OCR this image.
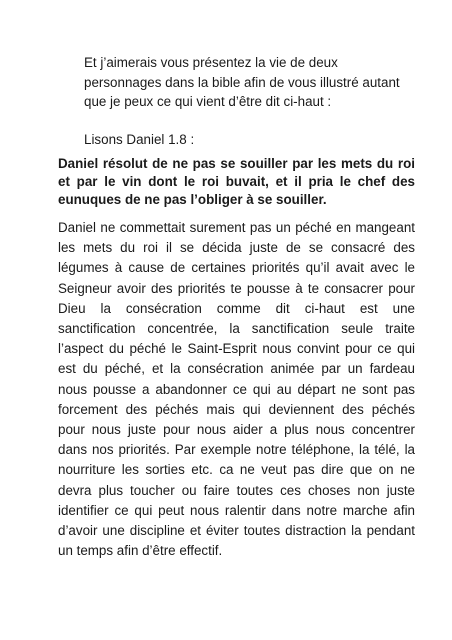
Et j’aimerais vous présentez la vie de deux personnages dans la bible afin de vous illustré autant que je peux ce qui vient d’être dit ci-haut :

Lisons Daniel 1.8 :

Daniel résolut de ne pas se souiller par les mets du roi et par le vin dont le roi buvait, et il pria le chef des eunuques de ne pas l’obliger à se souiller.

Daniel ne commettait surement pas un péché en mangeant les mets du roi il se décida juste de se consacré des légumes à cause de certaines priorités qu’il avait avec le Seigneur avoir des priorités te pousse à te consacrer pour Dieu la consécration comme dit ci-haut est une sanctification concentrée, la sanctification seule traite l’aspect du péché le Saint-Esprit nous convint pour ce qui est du péché, et la consécration animée par un fardeau nous pousse a abandonner ce qui au départ ne sont pas forcement des péchés mais qui deviennent des péchés pour nous juste pour nous aider a plus nous concentrer dans nos priorités. Par exemple notre téléphone, la télé, la nourriture les sorties etc. ca ne veut pas dire que on ne devra plus toucher ou faire toutes ces choses non juste identifier ce qui peut nous ralentir dans notre marche afin d’avoir une discipline et éviter toutes distraction la pendant un temps afin d’être effectif.
